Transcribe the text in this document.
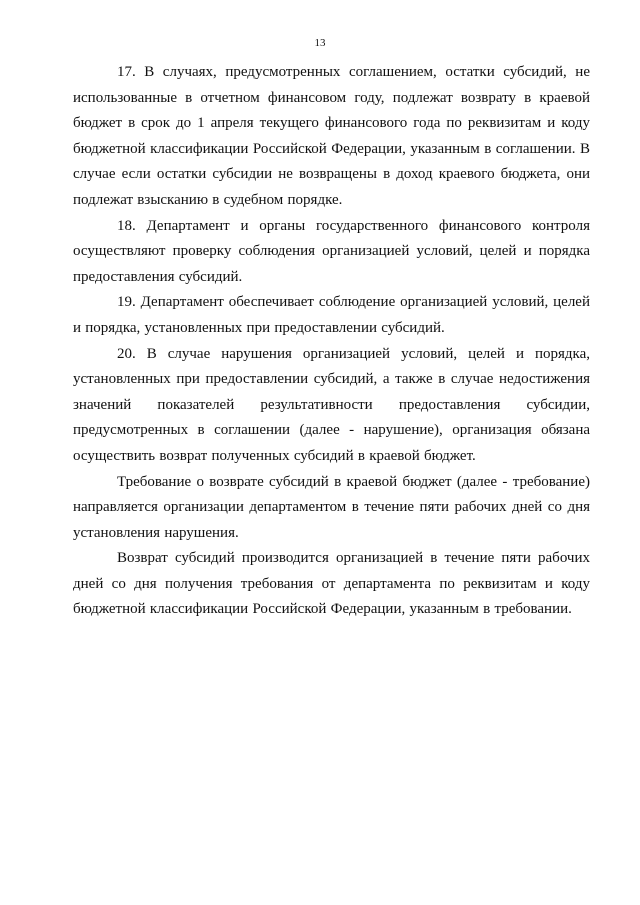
13

17. В случаях, предусмотренных соглашением, остатки субсидий, не использованные в отчетном финансовом году, подлежат возврату в краевой бюджет в срок до 1 апреля текущего финансового года по реквизитам и коду бюджетной классификации Российской Федерации, указанным в соглашении. В случае если остатки субсидии не возвращены в доход краевого бюджета, они подлежат взысканию в судебном порядке.

18. Департамент и органы государственного финансового контроля осуществляют проверку соблюдения организацией условий, целей и порядка предоставления субсидий.

19. Департамент обеспечивает соблюдение организацией условий, целей и порядка, установленных при предоставлении субсидий.

20. В случае нарушения организацией условий, целей и порядка, установленных при предоставлении субсидий, а также в случае недостижения значений показателей результативности предоставления субсидии, предусмотренных в соглашении (далее - нарушение), организация обязана осуществить возврат полученных субсидий в краевой бюджет.

Требование о возврате субсидий в краевой бюджет (далее - требование) направляется организации департаментом в течение пяти рабочих дней со дня установления нарушения.

Возврат субсидий производится организацией в течение пяти рабочих дней со дня получения требования от департамента по реквизитам и коду бюджетной классификации Российской Федерации, указанным в требовании.
